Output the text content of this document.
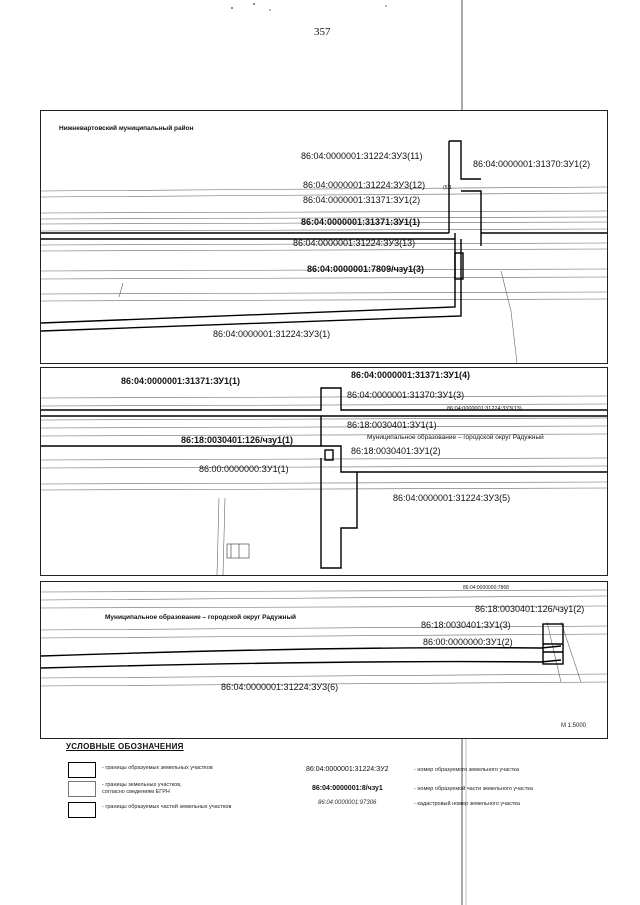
357
Нижневартовский муниципальный район
86:04:0000001:31224:ЗУ3(11)
86:04:0000001:31370:ЗУ1(2)
86:04:0000001:31224:ЗУ3(12)	(5)1
86:04:0000001:31371:ЗУ1(2)
86:04:0000001:31371:ЗУ1(1)
86:04:0000001:31224:ЗУ3(13)
86:04:0000001:7809/чзу1(3)
86:04:0000001:31224:ЗУ3(1)
86:04:0000001:31371:ЗУ1(1)
86:04:0000001:31371:ЗУ1(4)
86:04:0000001:31370:ЗУ1(3)
86:04:0000001:31224:ЗУ3(13)
86:18:0030401:ЗУ1(1)
Муниципальное образование – городской округ Радужный
86:18:0030401:126/чзу1(1)
86:18:0030401:ЗУ1(2)
86:00:0000000:ЗУ1(1)
86:04:0000001:31224:ЗУ3(5)
86:04:0000000:7868
86:18:0030401:126/чзу1(2)
Муниципальное образование – городской округ Радужный
86:18:0030401:ЗУ1(3)
86:00:0000000:ЗУ1(2)
86:04:0000001:31224:ЗУ3(6)
М 1:5000
УСЛОВНЫЕ ОБОЗНАЧЕНИЯ
- границы образуемых земельных участков
- границы земельных участков, согласно сведениям ЕГРН
- границы образуемых частей земельных участков
86:04:0000001:31224:ЗУ2	- номер образуемого земельного участка
86:04:0000001:8/чзу1	- номер образуемой части земельного участка
86:04:0000001:97306	- кадастровый номер земельного участка
